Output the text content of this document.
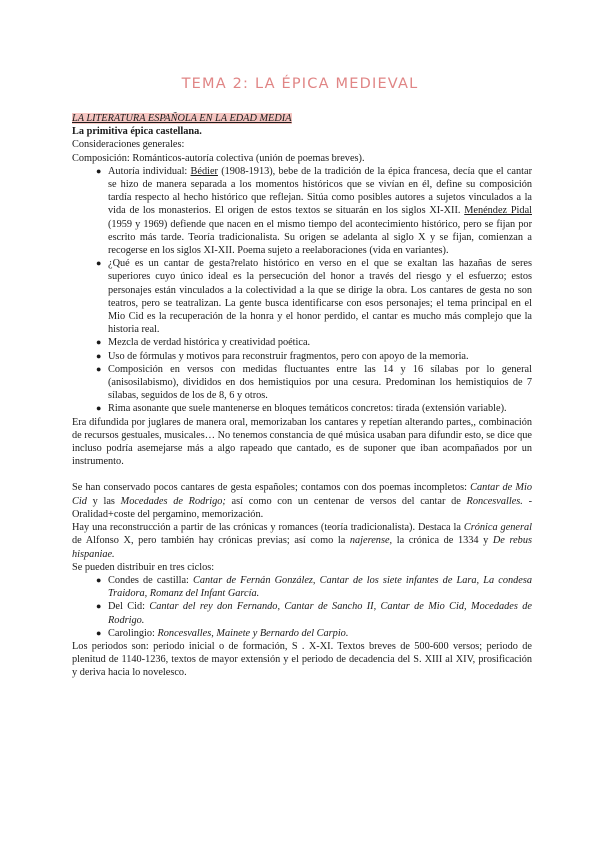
TEMA 2: LA ÉPICA MEDIEVAL

LA LITERATURA ESPAÑOLA EN LA EDAD MEDIA

La primitiva épica castellana.

Consideraciones generales:

Composición: Románticos-autoría colectiva (unión de poemas breves).

● Autoría individual: Bédier (1908-1913), bebe de la tradición de la épica francesa, decía que el cantar se hizo de manera separada a los momentos históricos que se vivían en él, define su composición tardía respecto al hecho histórico que reflejan. Sitúa como posibles autores a sujetos vinculados a la vida de los monasterios. El origen de estos textos se situarán en los siglos XI-XII. Menéndez Pidal (1959 y 1969) defiende que nacen en el mismo tiempo del acontecimiento histórico, pero se fijan por escrito más tarde. Teoría tradicionalista. Su origen se adelanta al siglo X y se fijan, comienzan a recogerse en los siglos XI-XII. Poema sujeto a reelaboraciones (vida en variantes).
● ¿Qué es un cantar de gesta?relato histórico en verso en el que se exaltan las hazañas de seres superiores cuyo único ideal es la persecución del honor a través del riesgo y el esfuerzo; estos personajes están vinculados a la colectividad a la que se dirige la obra. Los cantares de gesta no son teatros, pero se teatralizan. La gente busca identificarse con esos personajes; el tema principal en el Mio Cid es la recuperación de la honra y el honor perdido, el cantar es mucho más complejo que la historia real.
● Mezcla de verdad histórica y creatividad poética.
● Uso de fórmulas y motivos para reconstruir fragmentos, pero con apoyo de la memoria.
● Composición en versos con medidas fluctuantes entre las 14 y 16 sílabas por lo general (anisosilabismo), divididos en dos hemistiquios por una cesura. Predominan los hemistiquios de 7 sílabas, seguidos de los de 8, 6 y otros.
● Rima asonante que suele mantenerse en bloques temáticos concretos: tirada (extensión variable).

Era difundida por juglares de manera oral, memorizaban los cantares y repetían alterando partes,, combinación de recursos gestuales, musicales… No tenemos constancia de qué música usaban para difundir esto, se dice que incluso podría asemejarse más a algo rapeado que cantado, es de suponer que iban acompañados por un instrumento.

Se han conservado pocos cantares de gesta españoles; contamos con dos poemas incompletos: Cantar de Mio Cid y las Mocedades de Rodrigo; así como con un centenar de versos del cantar de Roncesvalles. -Oralidad+coste del pergamino, memorización.

Hay una reconstrucción a partir de las crónicas y romances (teoría tradicionalista). Destaca la Crónica general de Alfonso X, pero también hay crónicas previas; así como la najerense, la crónica de 1334 y De rebus hispaniae.

Se pueden distribuir en tres ciclos:

● Condes de castilla: Cantar de Fernán González, Cantar de los siete infantes de Lara, La condesa Traidora, Romanz del Infant García.
● Del Cid: Cantar del rey don Fernando, Cantar de Sancho II, Cantar de Mio Cid, Mocedades de Rodrigo.
● Carolingio: Roncesvalles, Mainete y Bernardo del Carpio.

Los periodos son: periodo inicial o de formación, S . X-XI. Textos breves de 500-600 versos; periodo de plenitud de 1140-1236, textos de mayor extensión y el periodo de decadencia del S. XIII al XIV, prosificación y deriva hacia lo novelesco.
